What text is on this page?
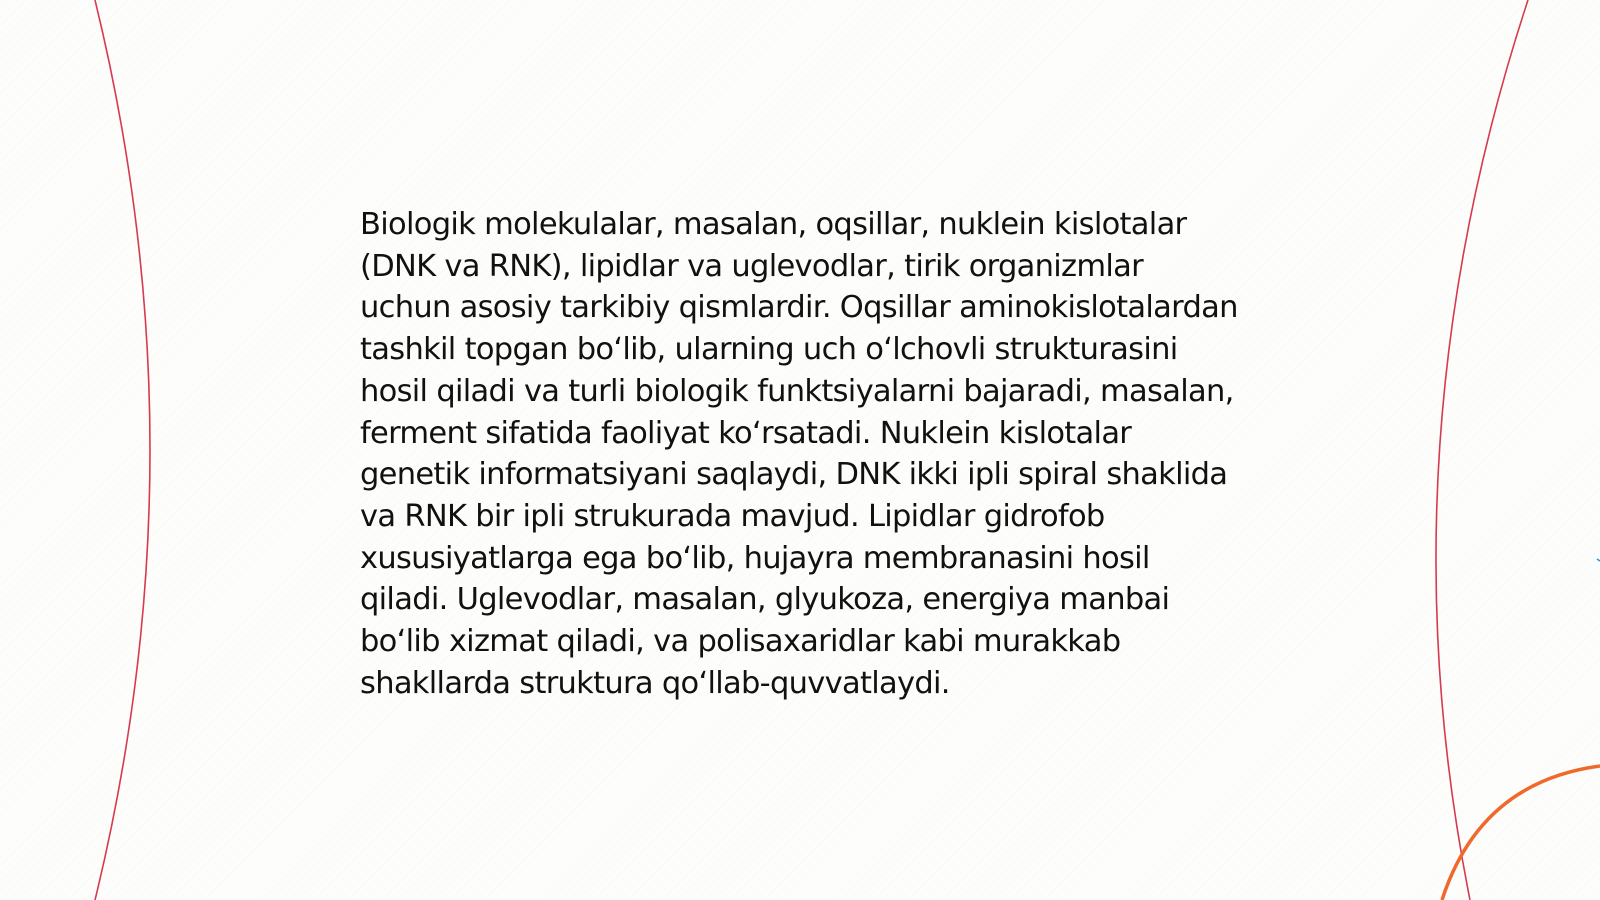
Biologik molekulalar, masalan, oqsillar, nuklein kislotalar (DNK va RNK), lipidlar va uglevodlar, tirik organizmlar uchun asosiy tarkibiy qismlardir. Oqsillar aminokislotalardan tashkil topgan bo‘lib, ularning uch o‘lchovli strukturasini hosil qiladi va turli biologik funktsiyalarni bajaradi, masalan, ferment sifatida faoliyat ko‘rsatadi. Nuklein kislotalar genetik informatsiyani saqlaydi, DNK ikki ipli spiral shaklida va RNK bir ipli strukurada mavjud. Lipidlar gidrofob xususiyatlarga ega bo‘lib, hujayra membranasini hosil qiladi. Uglevodlar, masalan, glyukoza, energiya manbai bo‘lib xizmat qiladi, va polisaxaridlar kabi murakkab shakllarda struktura qo‘llab-quvvatlaydi.
